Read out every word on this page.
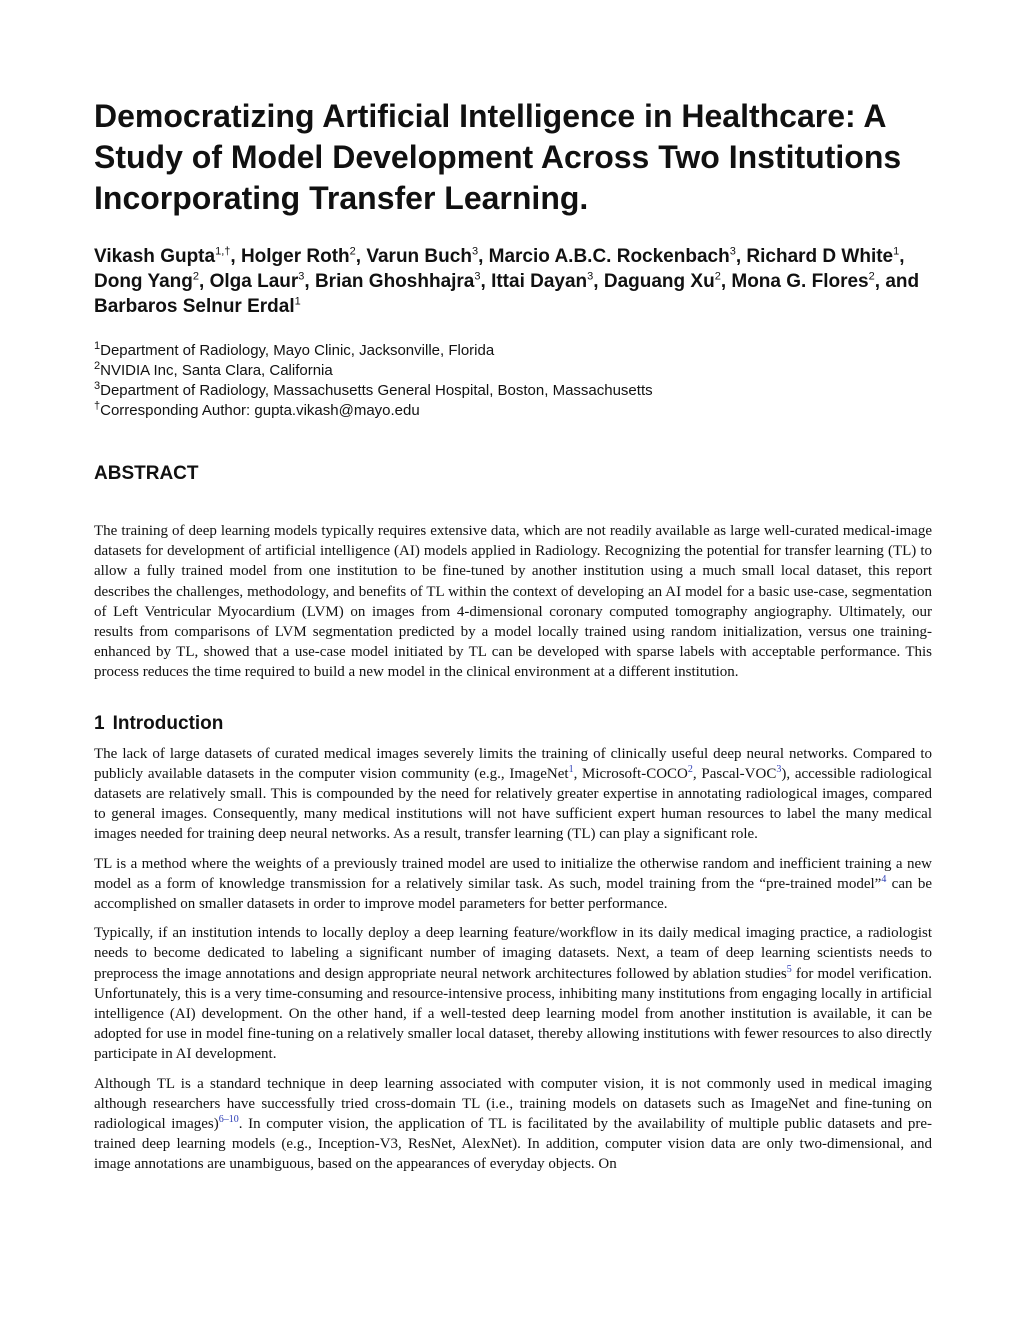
Democratizing Artificial Intelligence in Healthcare: A Study of Model Development Across Two Institutions Incorporating Transfer Learning.

Vikash Gupta$^{1,\dagger}$, Holger Roth$^2$, Varun Buch$^3$, Marcio A.B.C. Rockenbach$^3$, Richard D White$^1$, Dong Yang$^2$, Olga Laur$^3$, Brian Ghoshhajra$^3$, Ittai Dayan$^3$, Daguang Xu$^2$, Mona G. Flores$^2$, and Barbaros Selnur Erdal$^1$

$^1$Department of Radiology, Mayo Clinic, Jacksonville, Florida

$^2$NVIDIA Inc, Santa Clara, California

$^3$Department of Radiology, Massachusetts General Hospital, Boston, Massachusetts

†Corresponding Author: gupta.vikash@mayo.edu

ABSTRACT

The training of deep learning models typically requires extensive data, which are not readily available as large well-curated medical-image datasets for development of artificial intelligence (AI) models applied in Radiology. Recognizing the potential for transfer learning (TL) to allow a fully trained model from one institution to be fine-tuned by another institution using a much small local dataset, this report describes the challenges, methodology, and benefits of TL within the context of developing an AI model for a basic use-case, segmentation of Left Ventricular Myocardium (LVM) on images from 4-dimensional coronary computed tomography angiography. Ultimately, our results from comparisons of LVM segmentation predicted by a model locally trained using random initialization, versus one training-enhanced by TL, showed that a use-case model initiated by TL can be developed with sparse labels with acceptable performance. This process reduces the time required to build a new model in the clinical environment at a different institution.

1 Introduction

The lack of large datasets of curated medical images severely limits the training of clinically useful deep neural networks. Compared to publicly available datasets in the computer vision community (e.g., ImageNet$^1$, Microsoft-COCO$^2$, Pascal-VOC$^3$), accessible radiological datasets are relatively small. This is compounded by the need for relatively greater expertise in annotating radiological images, compared to general images. Consequently, many medical institutions will not have sufficient expert human resources to label the many medical images needed for training deep neural networks. As a result, transfer learning (TL) can play a significant role.

TL is a method where the weights of a previously trained model are used to initialize the otherwise random and inefficient training a new model as a form of knowledge transmission for a relatively similar task. As such, model training from the “pre-trained model”$^4$ can be accomplished on smaller datasets in order to improve model parameters for better performance.

Typically, if an institution intends to locally deploy a deep learning feature/workflow in its daily medical imaging practice, a radiologist needs to become dedicated to labeling a significant number of imaging datasets. Next, a team of deep learning scientists needs to preprocess the image annotations and design appropriate neural network architectures followed by ablation studies$^5$ for model verification. Unfortunately, this is a very time-consuming and resource-intensive process, inhibiting many institutions from engaging locally in artificial intelligence (AI) development. On the other hand, if a well-tested deep learning model from another institution is available, it can be adopted for use in model fine-tuning on a relatively smaller local dataset, thereby allowing institutions with fewer resources to also directly participate in AI development.

Although TL is a standard technique in deep learning associated with computer vision, it is not commonly used in medical imaging although researchers have successfully tried cross-domain TL (i.e., training models on datasets such as ImageNet and fine-tuning on radiological images)$^{6-10}$. In computer vision, the application of TL is facilitated by the availability of multiple public datasets and pre-trained deep learning models (e.g., Inception-V3, ResNet, AlexNet). In addition, computer vision data are only two-dimensional, and image annotations are unambiguous, based on the appearances of everyday objects. On
